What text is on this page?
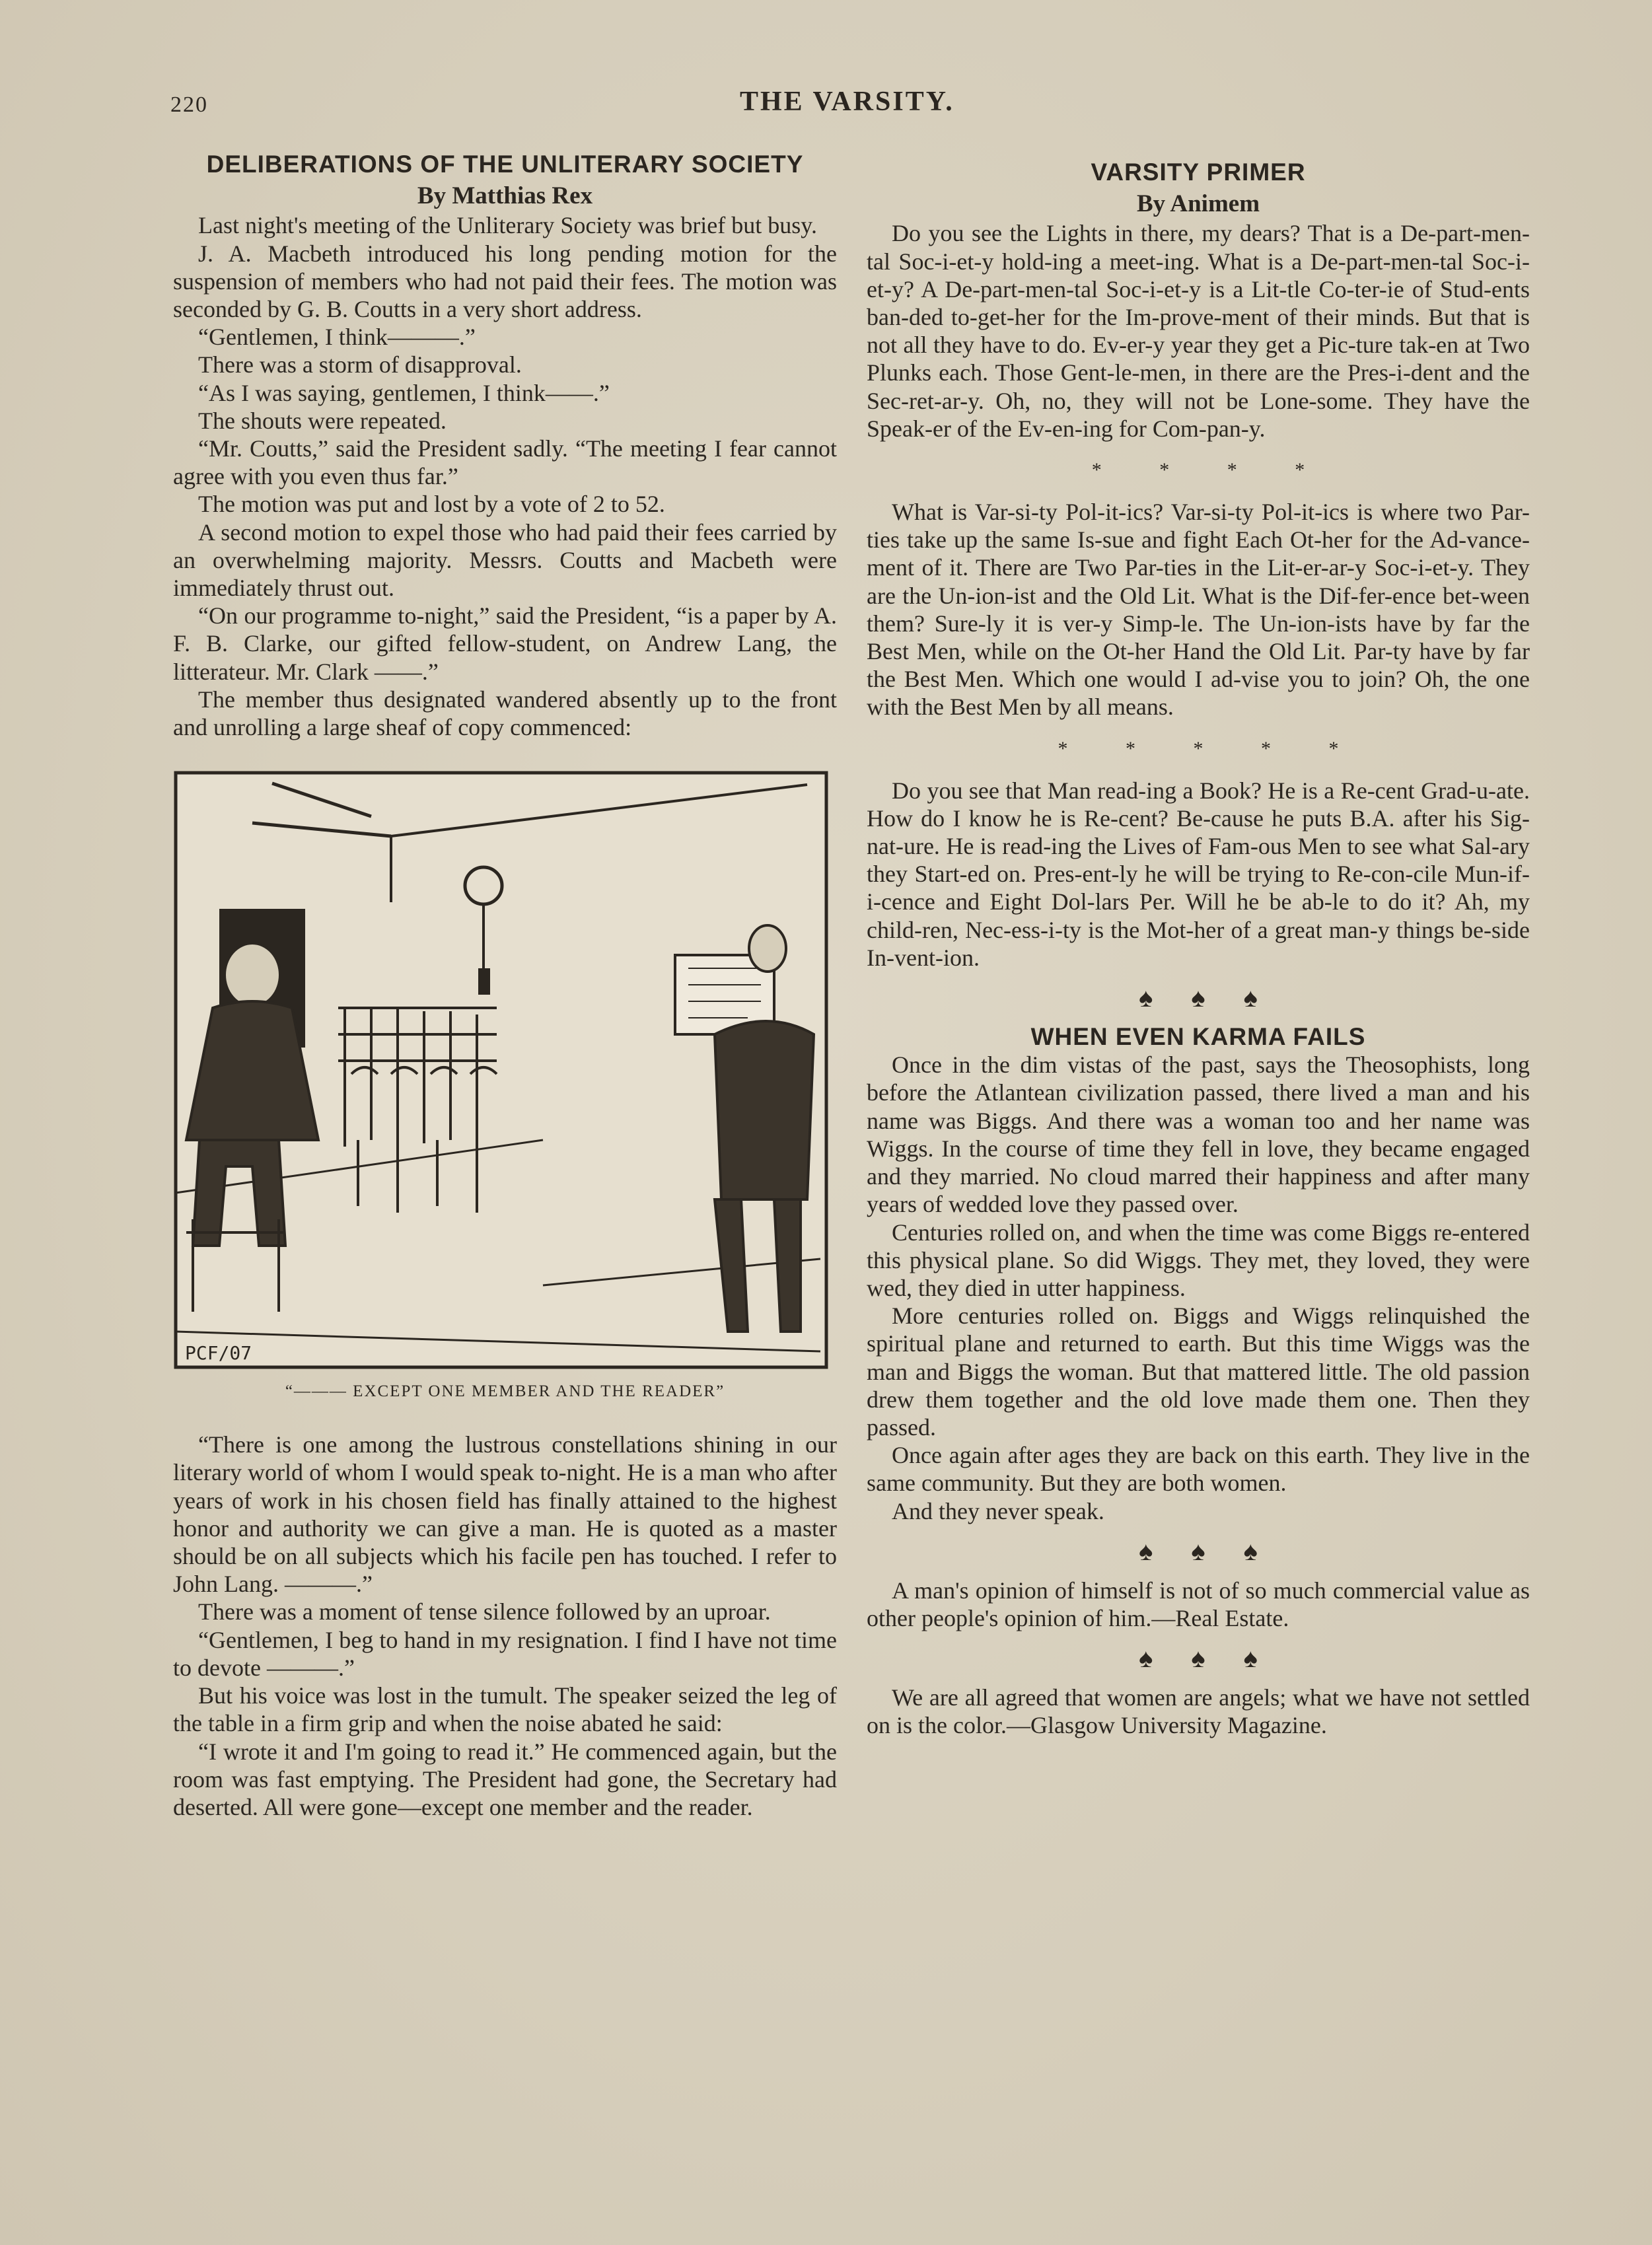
220	THE VARSITY.
DELIBERATIONS OF THE UNLITERARY SOCIETY
By Matthias Rex

Last night's meeting of the Unliterary Society was brief but busy.

J. A. Macbeth introduced his long pending motion for the suspension of members who had not paid their fees. The motion was seconded by G. B. Coutts in a very short address.

“Gentlemen, I think———.”

There was a storm of disapproval.

“As I was saying, gentlemen, I think——.”

The shouts were repeated.

“Mr. Coutts,” said the President sadly. “The meeting I fear cannot agree with you even thus far.”

The motion was put and lost by a vote of 2 to 52.

A second motion to expel those who had paid their fees carried by an overwhelming majority. Messrs. Coutts and Macbeth were immediately thrust out.

“On our programme to-night,” said the President, “is a paper by A. F. B. Clarke, our gifted fellow-student, on Andrew Lang, the litterateur. Mr. Clark ——.”

The member thus designated wandered absently up to the front and unrolling a large sheaf of copy commenced:

PCF/07
“——— EXCEPT ONE MEMBER AND THE READER”

“There is one among the lustrous constellations shining in our literary world of whom I would speak to-night. He is a man who after years of work in his chosen field has finally attained to the highest honor and authority we can give a man. He is quoted as a master should be on all subjects which his facile pen has touched. I refer to John Lang. ———.”

There was a moment of tense silence followed by an uproar.

“Gentlemen, I beg to hand in my resignation. I find I have not time to devote ———.”

But his voice was lost in the tumult. The speaker seized the leg of the table in a firm grip and when the noise abated he said:

“I wrote it and I'm going to read it.” He commenced again, but the room was fast emptying. The President had gone, the Secretary had deserted. All were gone—except one member and the reader.

VARSITY PRIMER
By Animem

Do you see the Lights in there, my dears? That is a De-part-men-tal Soc-i-et-y hold-ing a meet-ing. What is a De-part-men-tal Soc-i-et-y? A De-part-men-tal Soc-i-et-y is a Lit-tle Co-ter-ie of Stud-ents ban-ded to-get-her for the Im-prove-ment of their minds. But that is not all they have to do. Ev-er-y year they get a Pic-ture tak-en at Two Plunks each. Those Gent-le-men, in there are the Pres-i-dent and the Sec-ret-ar-y. Oh, no, they will not be Lone-some. They have the Speak-er of the Ev-en-ing for Com-pan-y.

* * * *

What is Var-si-ty Pol-it-ics? Var-si-ty Pol-it-ics is where two Par-ties take up the same Is-sue and fight Each Ot-her for the Ad-vance-ment of it. There are Two Par-ties in the Lit-er-ar-y Soc-i-et-y. They are the Un-ion-ist and the Old Lit. What is the Dif-fer-ence bet-ween them? Sure-ly it is ver-y Simp-le. The Un-ion-ists have by far the Best Men, while on the Ot-her Hand the Old Lit. Par-ty have by far the Best Men. Which one would I ad-vise you to join? Oh, the one with the Best Men by all means.

* * * * *

Do you see that Man read-ing a Book? He is a Re-cent Grad-u-ate. How do I know he is Re-cent? Be-cause he puts B.A. after his Sig-nat-ure. He is read-ing the Lives of Fam-ous Men to see what Sal-ary they Start-ed on. Pres-ent-ly he will be trying to Re-con-cile Mun-if-i-cence and Eight Dol-lars Per. Will he be ab-le to do it? Ah, my child-ren, Nec-ess-i-ty is the Mot-her of a great man-y things be-side In-vent-ion.

♠ ♠ ♠
WHEN EVEN KARMA FAILS

Once in the dim vistas of the past, says the Theosophists, long before the Atlantean civilization passed, there lived a man and his name was Biggs. And there was a woman too and her name was Wiggs. In the course of time they fell in love, they became engaged and they married. No cloud marred their happiness and after many years of wedded love they passed over.

Centuries rolled on, and when the time was come Biggs re-entered this physical plane. So did Wiggs. They met, they loved, they were wed, they died in utter happiness.

More centuries rolled on. Biggs and Wiggs relinquished the spiritual plane and returned to earth. But this time Wiggs was the man and Biggs the woman. But that mattered little. The old passion drew them together and the old love made them one. Then they passed.

Once again after ages they are back on this earth. They live in the same community. But they are both women.

And they never speak.

♠ ♠ ♠

A man's opinion of himself is not of so much commercial value as other people's opinion of him.—Real Estate.

♠ ♠ ♠

We are all agreed that women are angels; what we have not settled on is the color.—Glasgow University Magazine.
